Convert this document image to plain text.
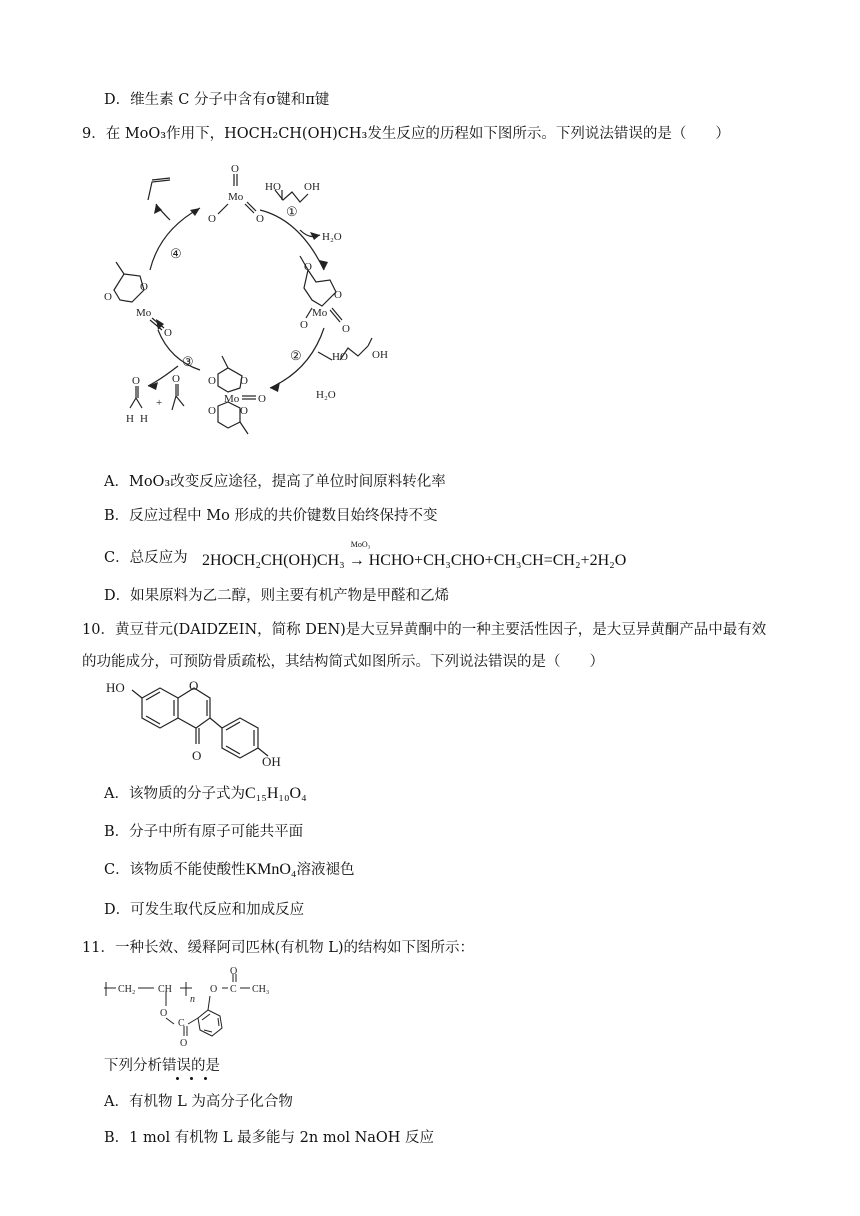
D．维生素 C 分子中含有σ键和π键
9．在 MoO₃作用下，HOCH₂CH(OH)CH₃发生反应的历程如下图所示。下列说法错误的是（　　）
Mo
O
O	O
HO OH
①
H₂O
O
O
Mo
O
O
②	HO OH
H₂O
O O
Mo O
O O
③
O
H H
+
O
O
O
Mo
O
④
A．MoO₃改变反应途径，提高了单位时间原料转化率
B．反应过程中 Mo 形成的共价键数目始终保持不变
C．总反应为 2HOCH₂CH(OH)CH₃
MoO₃
→ HCHO+CH₃CHO+CH₃CH=CH₂+2H₂O
D．如果原料为乙二醇，则主要有机产物是甲醛和乙烯
10．黄豆苷元(DAIDZEIN，简称 DEN)是大豆异黄酮中的一种主要活性因子，是大豆异黄酮产品中最有效
的功能成分，可预防骨质疏松，其结构简式如图所示。下列说法错误的是（　　）
HO	O
O	OH
A．该物质的分子式为C₁₅H₁₀O₄
B．分子中所有原子可能共平面
C．该物质不能使酸性KMnO₄溶液褪色
D．可发生取代反应和加成反应
11．一种长效、缓释阿司匹林(有机物 L)的结构如下图所示：
CH₂ CH
n
O
C
O
O C
O
CH₃
下列分析错误的是
A．有机物 L 为高分子化合物
B．1 mol 有机物 L 最多能与 2n mol NaOH 反应
